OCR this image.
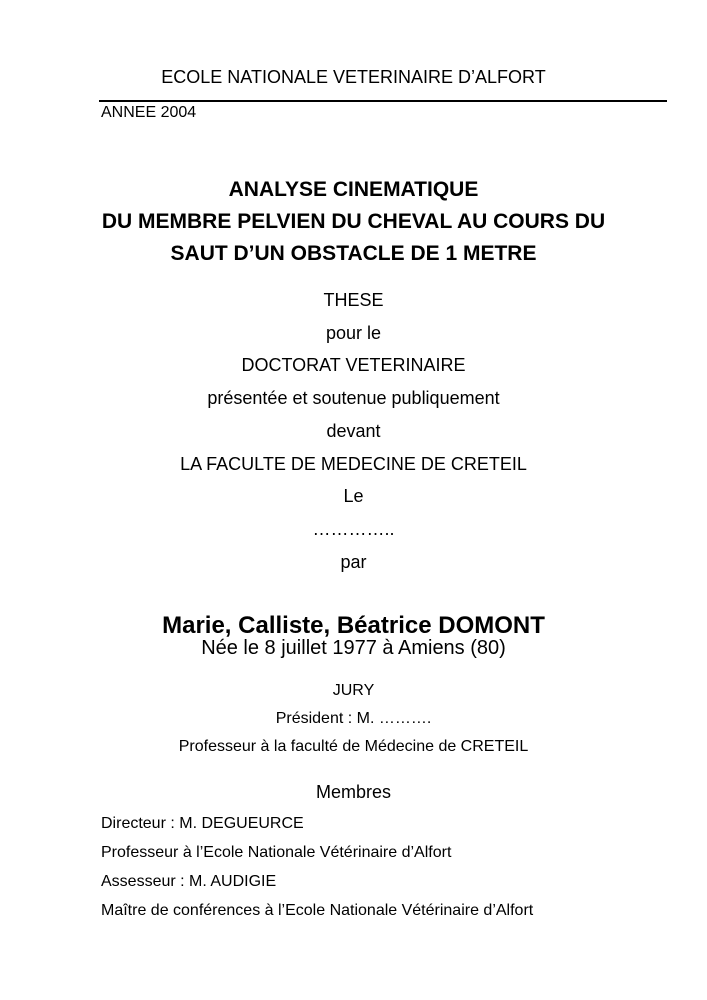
ECOLE NATIONALE VETERINAIRE D’ALFORT
ANNEE 2004
ANALYSE CINEMATIQUE
DU MEMBRE PELVIEN DU CHEVAL AU COURS DU
SAUT D’UN OBSTACLE DE 1 METRE
THESE
pour le
DOCTORAT VETERINAIRE
présentée et soutenue publiquement
devant
LA FACULTE DE MEDECINE DE CRETEIL
Le
…………..
par
Marie, Calliste, Béatrice DOMONT
Née le 8 juillet 1977 à Amiens (80)
JURY
Président : M. ……….
Professeur à la faculté de Médecine de CRETEIL
Membres
Directeur : M. DEGUEURCE
Professeur à l’Ecole Nationale Vétérinaire d’Alfort
Assesseur : M. AUDIGIE
Maître de conférences à l’Ecole Nationale Vétérinaire d’Alfort
